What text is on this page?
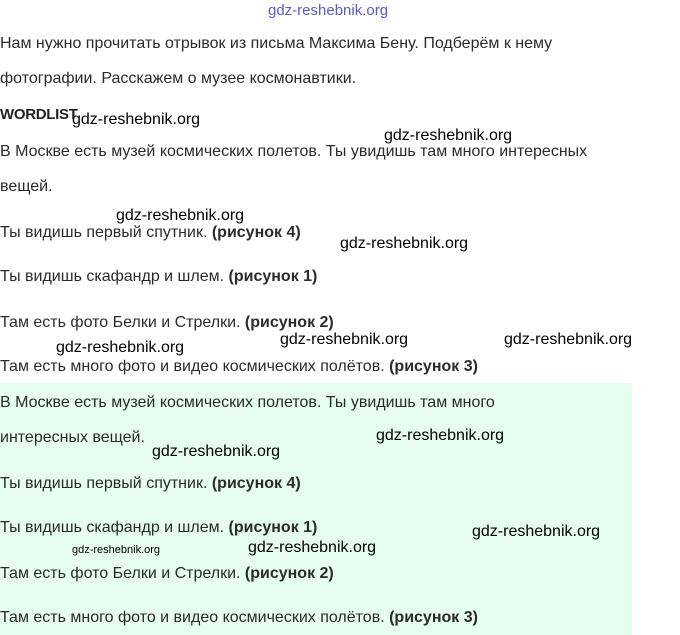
Нам нужно прочитать отрывок из письма Максима Бену. Подберём к нему
фотографии. Расскажем о музее космонавтики.
WORDLIST
В Москве есть музей космических полетов. Ты увидишь там много интересных
вещей.
Ты видишь первый спутник. (рисунок 4)
Ты видишь скафандр и шлем. (рисунок 1)
Там есть фото Белки и Стрелки. (рисунок 2)
Там есть много фото и видео космических полётов. (рисунок 3)
В Москве есть музей космических полетов. Ты увидишь там много
интересных вещей.
Ты видишь первый спутник. (рисунок 4)
Ты видишь скафандр и шлем. (рисунок 1)
Там есть фото Белки и Стрелки. (рисунок 2)
Там есть много фото и видео космических полётов. (рисунок 3)
gdz-reshebnik.org
gdz-reshebnik.org
gdz-reshebnik.org
gdz-reshebnik.org
gdz-reshebnik.org
gdz-reshebnik.org	gdz-reshebnik.org
gdz-reshebnik.org
gdz-reshebnik.org
gdz-reshebnik.org
gdz-reshebnik.org
gdz-reshebnik.org	gdz-reshebnik.org
